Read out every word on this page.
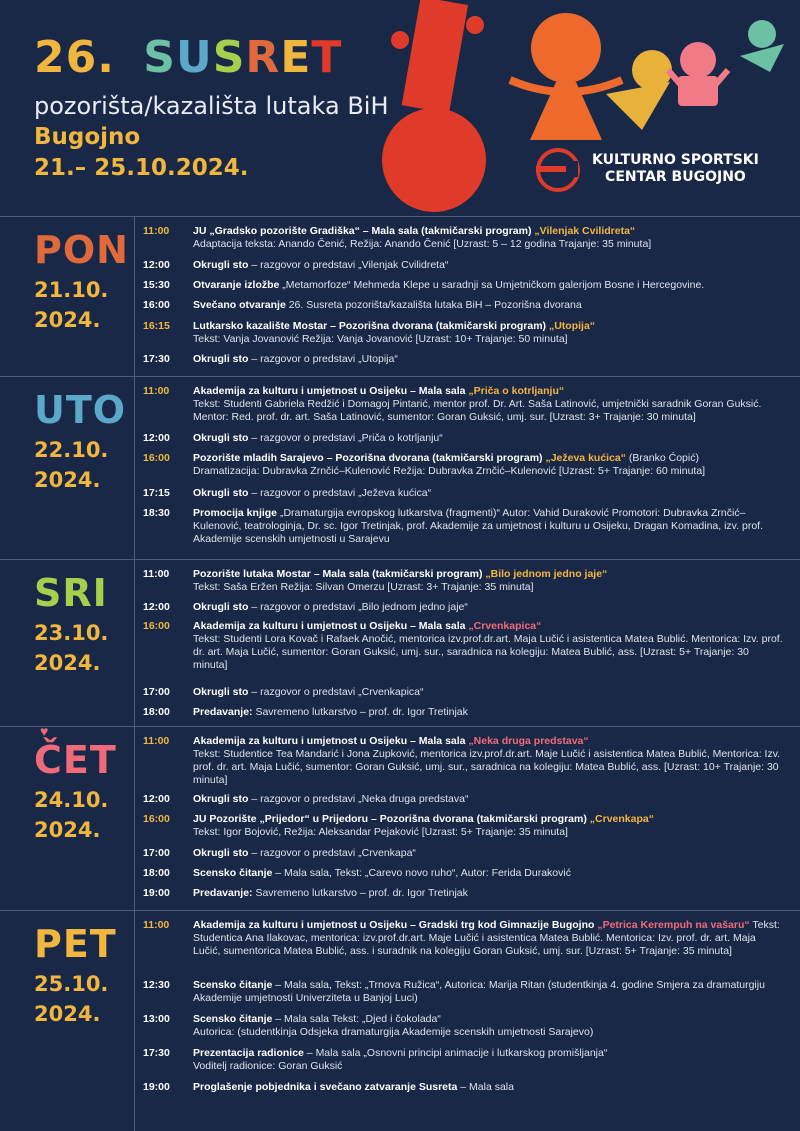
26. SUSRET
pozorišta/kazališta lutaka BiH
Bugojno
21.– 25.10.2024.	KULTURNO SPORTSKI
CENTAR BUGOJNO
PON
21.10.
2024.
11:00	JU „Gradsko pozorište Gradiška“ – Mala sala (takmičarski program) „Vilenjak Cvilidreta“
Adaptacija teksta: Anando Čenić, Režija: Anando Čenić [Uzrast: 5 – 12 godina Trajanje: 35 minuta]
12:00	Okrugli sto – razgovor o predstavi „Vilenjak Cvilidreta“
15:30	Otvaranje izložbe „Metamorfoze“ Mehmeda Klepe u saradnji sa Umjetničkom galerijom Bosne i Hercegovine.
16:00	Svečano otvaranje 26. Susreta pozorišta/kazališta lutaka BiH – Pozorišna dvorana
16:15	Lutkarsko kazalište Mostar – Pozorišna dvorana (takmičarski program) „Utopija“
Tekst: Vanja Jovanović Režija: Vanja Jovanović [Uzrast: 10+ Trajanje: 50 minuta]
17:30	Okrugli sto – razgovor o predstavi „Utopija“
UTO
22.10.
2024.
11:00	Akademija za kulturu i umjetnost u Osijeku – Mala sala „Priča o kotrljanju“
Tekst: Studenti Gabriela Redžić i Domagoj Pintarić, mentor prof. Dr. Art. Saša Latinović, umjetnički saradnik Goran Guksić. Mentor: Red. prof. dr. art. Saša Latinović, sumentor: Goran Guksić, umj. sur. [Uzrast: 3+ Trajanje: 30 minuta]
12:00	Okrugli sto – razgovor o predstavi „Priča o kotrljanju“
16:00	Pozorište mladih Sarajevo – Pozorišna dvorana (takmičarski program) „Ježeva kućica“ (Branko Ćopić)
Dramatizacija: Dubravka Zrnčić–Kulenović Režija: Dubravka Zrnčić–Kulenović [Uzrast: 5+ Trajanje: 60 minuta]
17:15	Okrugli sto – razgovor o predstavi „Ježeva kućica“
18:30	Promocija knjige „Dramaturgija evropskog lutkarstva (fragmenti)“ Autor: Vahid Duraković Promotori: Dubravka Zrnčić–Kulenović, teatrologinja, Dr. sc. Igor Tretinjak, prof. Akademije za umjetnost i kulturu u Osijeku, Dragan Komadina, izv. prof. Akademije scenskih umjetnosti u Sarajevu
SRI
23.10.
2024.
11:00	Pozorište lutaka Mostar – Mala sala (takmičarski program) „Bilo jednom jedno jaje“
Tekst: Saša Eržen Režija: Silvan Omerzu [Uzrast: 3+ Trajanje: 35 minuta]
12:00	Okrugli sto – razgovor o predstavi „Bilo jednom jedno jaje“
16:00	Akademija za kulturu i umjetnost u Osijeku – Mala sala „Crvenkapica“
Tekst: Studenti Lora Kovač i Rafaek Anočić, mentorica izv.prof.dr.art. Maja Lučić i asistentica Matea Bublić. Mentorica: Izv. prof. dr. art. Maja Lučić, sumentor: Goran Guksić, umj. sur., saradnica na kolegiju: Matea Bublić, ass. [Uzrast: 5+ Trajanje: 30 minuta]
17:00	Okrugli sto – razgovor o predstavi „Crvenkapica“
18:00	Predavanje: Savremeno lutkarstvo – prof. dr. Igor Tretinjak
ČET
♥
24.10.
2024.
11:00	Akademija za kulturu i umjetnost u Osijeku – Mala sala „Neka druga predstava“
Tekst: Studentice Tea Mandarić i Jona Zupković, mentorica izv.prof.dr.art. Maje Lučić i asistentica Matea Bublić, Mentorica: Izv. prof. dr. art. Maja Lučić, sumentor: Goran Guksić, umj. sur., saradnica na kolegiju: Matea Bublić, ass. [Uzrast: 10+ Trajanje: 30 minuta]
12:00	Okrugli sto – razgovor o predstavi „Neka druga predstava“
16:00	JU Pozorište „Prijedor“ u Prijedoru – Pozorišna dvorana (takmičarski program) „Crvenkapa“
Tekst: Igor Bojović, Režija: Aleksandar Pejaković [Uzrast: 5+ Trajanje: 35 minuta]
17:00	Okrugli sto – razgovor o predstavi „Crvenkapa“
18:00	Scensko čitanje – Mala sala, Tekst: „Carevo novo ruho“, Autor: Ferida Duraković
19:00	Predavanje: Savremeno lutkarstvo – prof. dr. Igor Tretinjak
PET
25.10.
2024.
11:00	Akademija za kulturu i umjetnost u Osijeku – Gradski trg kod Gimnazije Bugojno „Petrica Kerempuh na vašaru“ Tekst: Studentica Ana Ilakovac, mentorica: izv.prof.dr.art. Maje Lučić i asistentica Matea Bublić. Mentorica: Izv. prof. dr. art. Maja Lučić, sumentorica Matea Bublić, ass. i suradnik na kolegiju Goran Guksić, umj. sur. [Uzrast: 5+ Trajanje: 35 minuta]
12:30	Scensko čitanje – Mala sala, Tekst: „Trnova Ružica“, Autorica: Marija Ritan (studentkinja 4. godine Smjera za dramaturgiju Akademije umjetnosti Univerziteta u Banjoj Luci)
13:00	Scensko čitanje – Mala sala Tekst: „Djed i čokolada“
Autorica: (studentkinja Odsjeka dramaturgija Akademije scenskih umjetnosti Sarajevo)
17:30	Prezentacija radionice – Mala sala „Osnovni principi animacije i lutkarskog promišljanja“
Voditelj radionice: Goran Guksić
19:00	Proglašenje pobjednika i svečano zatvaranje Susreta – Mala sala
